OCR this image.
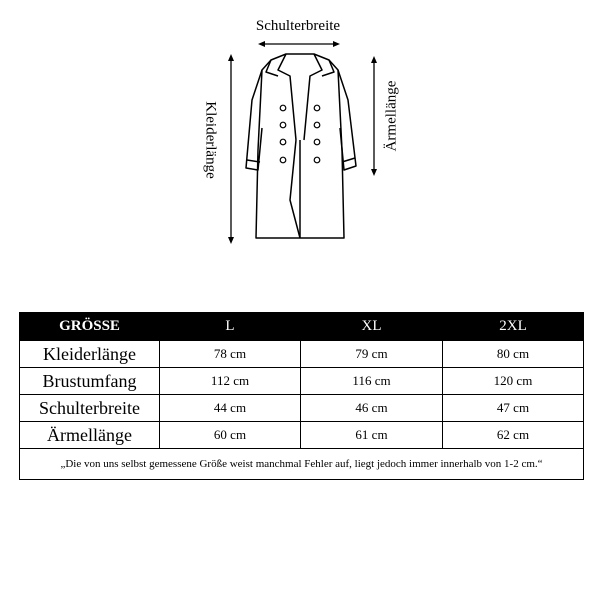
Schulterbreite
Kleiderlänge	Ärmellänge
GRÖSSE	L	XL	2XL
Kleiderlänge	78 cm	79 cm	80 cm
Brustumfang	112 cm	116 cm	120 cm
Schulterbreite	44 cm	46 cm	47 cm
Ärmellänge	60 cm	61 cm	62 cm
„Die von uns selbst gemessene Größe weist manchmal Fehler auf, liegt jedoch immer innerhalb von 1-2 cm.“			
